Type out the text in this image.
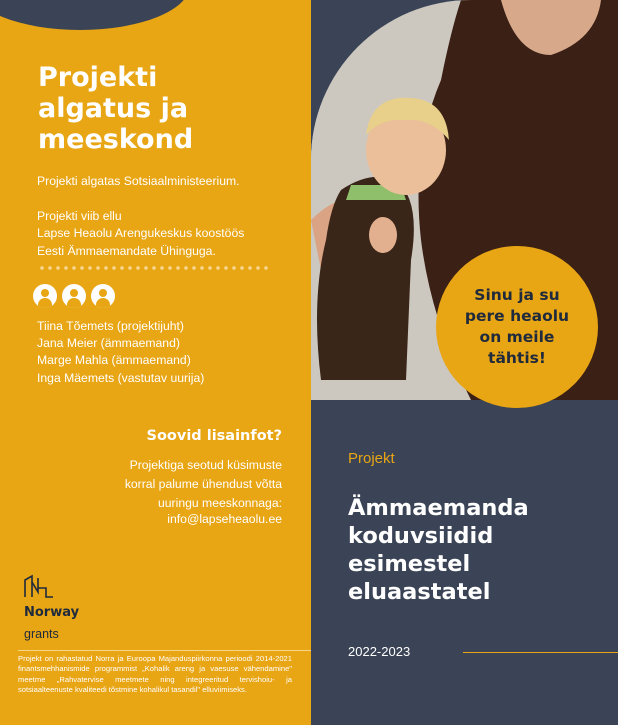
Projekti
algatus ja
meeskond

Projekti algatas Sotsiaalministeerium.

Projekti viib ellu
Lapse Heaolu Arengukeskus koostöös
Eesti Ämmaemandate Ühinguga.

Tiina Tõemets (projektijuht)
Jana Meier (ämmaemand)
Marge Mahla (ämmaemand)
Inga Mäemets (vastutav uurija)
Soovid lisainfot?
Projektiga seotud küsimuste
korral palume ühendust võtta
uuringu meeskonnaga:
info@lapseheaolu.ee
Norway
grants
Projekt on rahastatud Norra ja Euroopa Majanduspiirkonna perioodi 2014-2021 finantsmehhanismide programmist „Kohalik areng ja vaesuse vähendamine" meetme „Rahvatervise meetmete ning integreeritud tervishoiu- ja sotsiaalteenuste kvaliteedi tõstmine kohalikul tasandil" elluviimiseks.
Sinu ja su
pere heaolu
on meile
tähtis!
Projekt
Ämmaemanda
koduvsiidid
esimestel
eluaastatel
2022-2023
